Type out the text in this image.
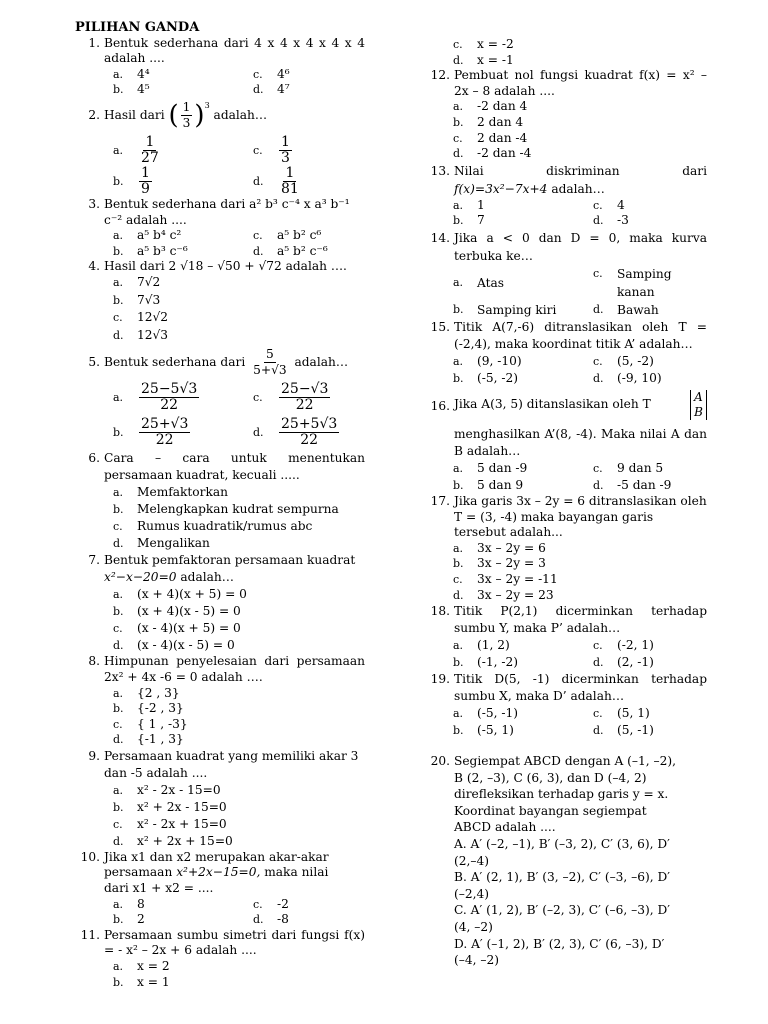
PILIHAN GANDA
1. Bentuk sederhana dari 4 x 4 x 4 x 4 x 4 adalah ....
a.	4⁴	c.	4⁶
b.	4⁵	d.	4⁷
2. Hasil dari ( $\frac{1}{3} )^3$ adalah…
a.	$\frac{1}{27}$	c.	$\frac{1}{3}$
b.	$\frac{1}{9}$	d.	$\frac{1}{81}$
3. Bentuk sederhana dari a² b³ c⁻⁴ x a³ b⁻¹ c⁻² adalah ....
a.	a⁵ b⁴ c²	c.	a⁵ b² c⁶
b.	a⁵ b³ c⁻⁶	d.	a⁵ b² c⁻⁶
4. Hasil dari 2 √18 – √50 + √72 adalah ….
a.	7√2
b.	7√3
c.	12√2
d.	12√3
5. Bentuk sederhana dari $\frac{5}{5+√3}$ adalah…
a.	$\frac{25-5√3}{22}$	c.	$\frac{25-√3}{22}$
b.	$\frac{25+√3}{22}$	d.	$\frac{25+5√3}{22}$
6. Cara – cara untuk menentukan persamaan kuadrat, kecuali .....
a.	Memfaktorkan
b.	Melengkapkan kudrat sempurna
c.	Rumus kuadratik/rumus abc
d.	Mengalikan
7. Bentuk pemfaktoran persamaan kuadrat
x²−x−20=0 adalah…
a.	(x + 4)(x + 5) = 0
b.	(x + 4)(x - 5) = 0
c.	(x - 4)(x + 5) = 0
d.	(x - 4)(x - 5) = 0
8. Himpunan penyelesaian dari persamaan 2x² + 4x -6 = 0 adalah ….
a.	{2 , 3}
b.	{-2 , 3}
c.	{ 1 , -3}
d.	{-1 , 3}
9. Persamaan kuadrat yang memiliki akar 3 dan -5 adalah ....
a.	x² - 2x - 15=0
b.	x² + 2x - 15=0
c.	x² - 2x + 15=0
d.	x² + 2x + 15=0
10. Jika x1 dan x2 merupakan akar-akar
persamaan x²+2x−15=0, maka nilai
dari x1 + x2 = ....
a.	8	c.	-2
b.	2	d.	-8
11. Persamaan sumbu simetri dari fungsi f(x) = - x² – 2x + 6 adalah ....
a.	x = 2
b.	x = 1
c.	x = -2
d.	x = -1
12. Pembuat nol fungsi kuadrat f(x) = x² – 2x – 8 adalah ....
a.	-2 dan 4
b.	2 dan 4
c.	2 dan -4
d.	-2 dan -4
13. Nilai diskriminan dari
f(x)=3x²−7x+4 adalah…
a.	1	c.	4
b.	7	d.	-3
14. Jika a < 0 dan D = 0, maka kurva terbuka ke…
a.	Atas
c.	Samping kanan
b.	Samping kiri	d.	Bawah
15. Titik A(7,-6) ditranslasikan oleh T = (-2,4), maka koordinat titik A’ adalah…
a.	(9, -10)	c.	(5, -2)
b.	(-5, -2)	d.	(-9, 10)
16. Jika A(3, 5) ditanslasikan oleh T
A
B
menghasilkan A’(8, -4). Maka nilai A dan B adalah…
a.	5 dan -9	c.	9 dan 5
b.	5 dan 9	d.	-5 dan -9
17. Jika garis 3x – 2y = 6 ditranslasikan oleh T = (3, -4) maka bayangan garis tersebut adalah...
a.	3x – 2y = 6
b.	3x – 2y = 3
c.	3x – 2y = -11
d.	3x – 2y = 23
18. Titik P(2,1) dicerminkan terhadap sumbu Y, maka P’ adalah…
a.	(1, 2)	c.	(-2, 1)
b.	(-1, -2)	d.	(2, -1)
19. Titik D(5, -1) dicerminkan terhadap sumbu X, maka D’ adalah…
a.	(-5, -1)	c.	(5, 1)
b.	(-5, 1)	d.	(5, -1)
20. Segiempat ABCD dengan A (–1, –2), B (2, –3), C (6, 3), dan D (–4, 2) direfleksikan terhadap garis y = x. Koordinat bayangan segiempat ABCD adalah ....
A. A′ (–2, –1), B′ (–3, 2), C′ (3, 6), D′ (2,–4)
B. A′ (2, 1), B′ (3, –2), C′ (–3, –6), D′ (–2,4)
C. A′ (1, 2), B′ (–2, 3), C′ (–6, –3), D′ (4, –2)
D. A′ (–1, 2), B′ (2, 3), C′ (6, –3), D′ (–4, –2)
